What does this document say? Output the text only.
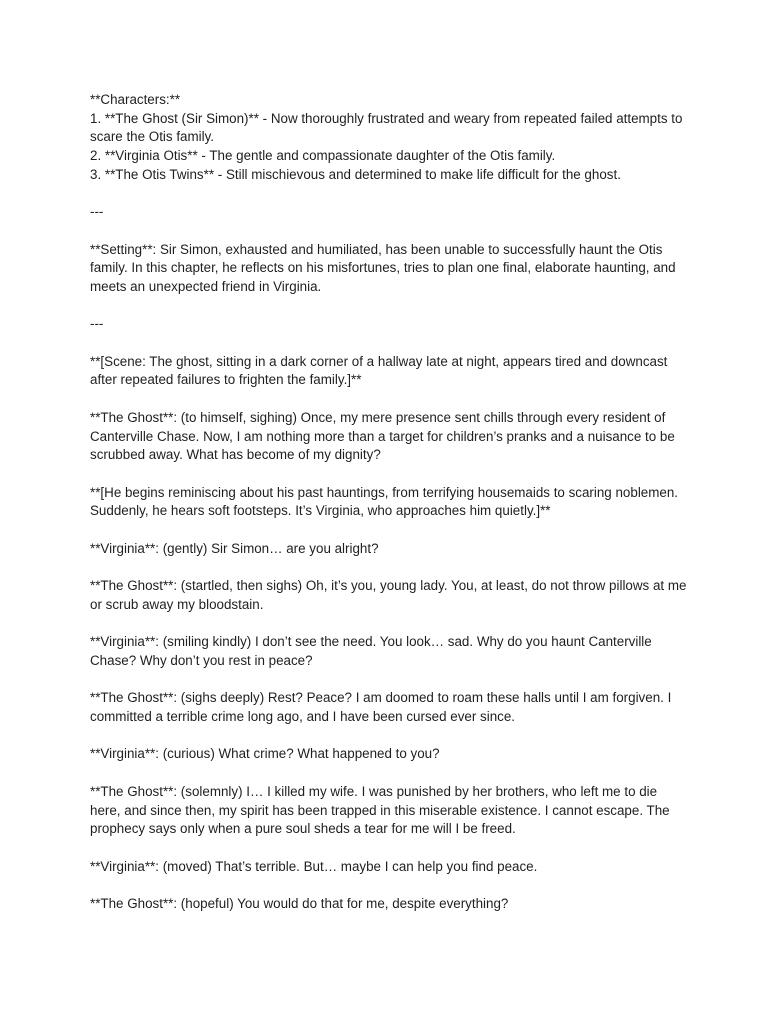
**Characters:**

1. **The Ghost (Sir Simon)** - Now thoroughly frustrated and weary from repeated failed attempts to scare the Otis family.

2. **Virginia Otis** - The gentle and compassionate daughter of the Otis family.

3. **The Otis Twins** - Still mischievous and determined to make life difficult for the ghost.

---

**Setting**: Sir Simon, exhausted and humiliated, has been unable to successfully haunt the Otis family. In this chapter, he reflects on his misfortunes, tries to plan one final, elaborate haunting, and meets an unexpected friend in Virginia.

---

**[Scene: The ghost, sitting in a dark corner of a hallway late at night, appears tired and downcast after repeated failures to frighten the family.]**

**The Ghost**: (to himself, sighing) Once, my mere presence sent chills through every resident of Canterville Chase. Now, I am nothing more than a target for children’s pranks and a nuisance to be scrubbed away. What has become of my dignity?

**[He begins reminiscing about his past hauntings, from terrifying housemaids to scaring noblemen. Suddenly, he hears soft footsteps. It’s Virginia, who approaches him quietly.]**

**Virginia**: (gently) Sir Simon… are you alright?

**The Ghost**: (startled, then sighs) Oh, it’s you, young lady. You, at least, do not throw pillows at me or scrub away my bloodstain.

**Virginia**: (smiling kindly) I don’t see the need. You look… sad. Why do you haunt Canterville Chase? Why don’t you rest in peace?

**The Ghost**: (sighs deeply) Rest? Peace? I am doomed to roam these halls until I am forgiven. I committed a terrible crime long ago, and I have been cursed ever since.

**Virginia**: (curious) What crime? What happened to you?

**The Ghost**: (solemnly) I… I killed my wife. I was punished by her brothers, who left me to die here, and since then, my spirit has been trapped in this miserable existence. I cannot escape. The prophecy says only when a pure soul sheds a tear for me will I be freed.

**Virginia**: (moved) That’s terrible. But… maybe I can help you find peace.

**The Ghost**: (hopeful) You would do that for me, despite everything?
